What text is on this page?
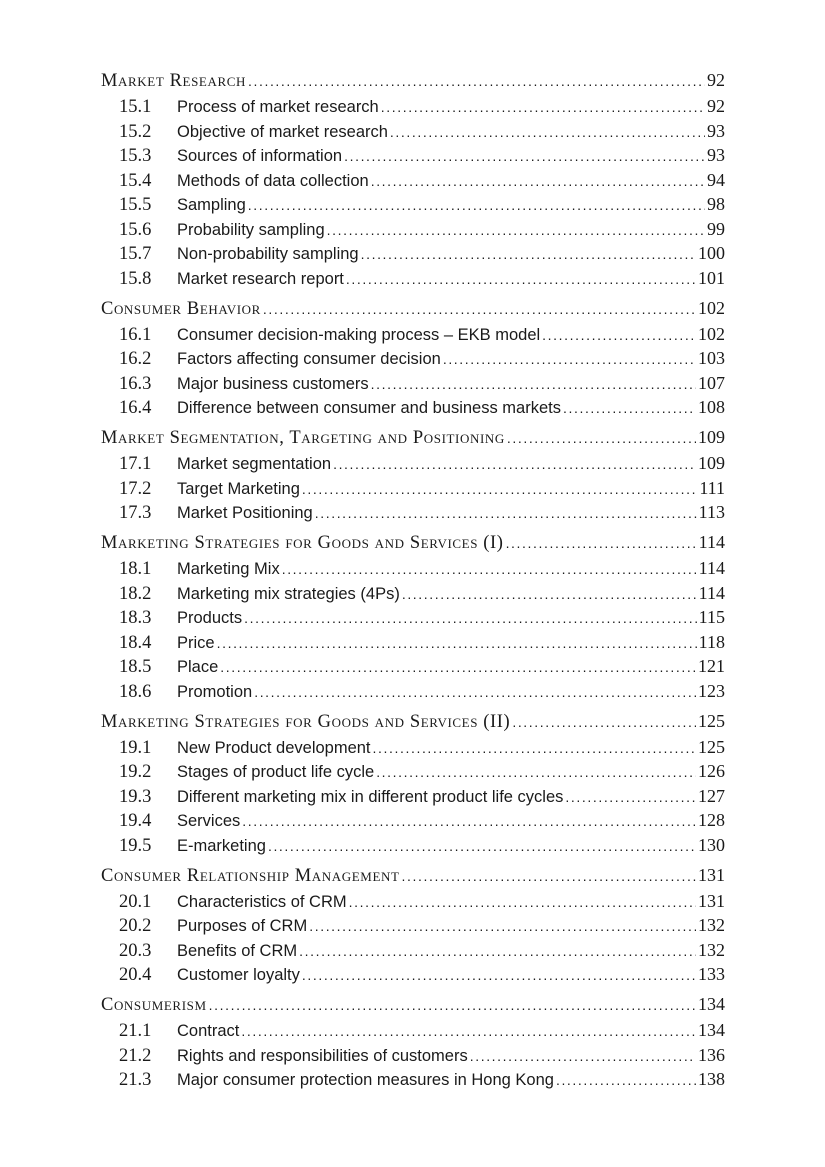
Market Research .....	92
15.1	Process of market research .....	92
15.2	Objective of market research .....	93
15.3	Sources of information .....	93
15.4	Methods of data collection .....	94
15.5	Sampling .....	98
15.6	Probability sampling .....	99
15.7	Non-probability sampling .....	100
15.8	Market research report .....	101
Consumer Behavior .....	102
16.1	Consumer decision-making process – EKB model .....	102
16.2	Factors affecting consumer decision .....	103
16.3	Major business customers .....	107
16.4	Difference between consumer and business markets .....	108
Market Segmentation, Targeting and Positioning .....	109
17.1	Market segmentation .....	109
17.2	Target Marketing .....	111
17.3	Market Positioning .....	113
Marketing Strategies for Goods and Services (I) .....	114
18.1	Marketing Mix .....	114
18.2	Marketing mix strategies (4Ps) .....	114
18.3	Products .....	115
18.4	Price .....	118
18.5	Place .....	121
18.6	Promotion .....	123
Marketing Strategies for Goods and Services (II) .....	125
19.1	New Product development .....	125
19.2	Stages of product life cycle .....	126
19.3	Different marketing mix in different product life cycles .....	127
19.4	Services .....	128
19.5	E-marketing .....	130
Consumer Relationship Management .....	131
20.1	Characteristics of CRM .....	131
20.2	Purposes of CRM .....	132
20.3	Benefits of CRM .....	132
20.4	Customer loyalty .....	133
Consumerism .....	134
21.1	Contract .....	134
21.2	Rights and responsibilities of customers .....	136
21.3	Major consumer protection measures in Hong Kong .....	138
